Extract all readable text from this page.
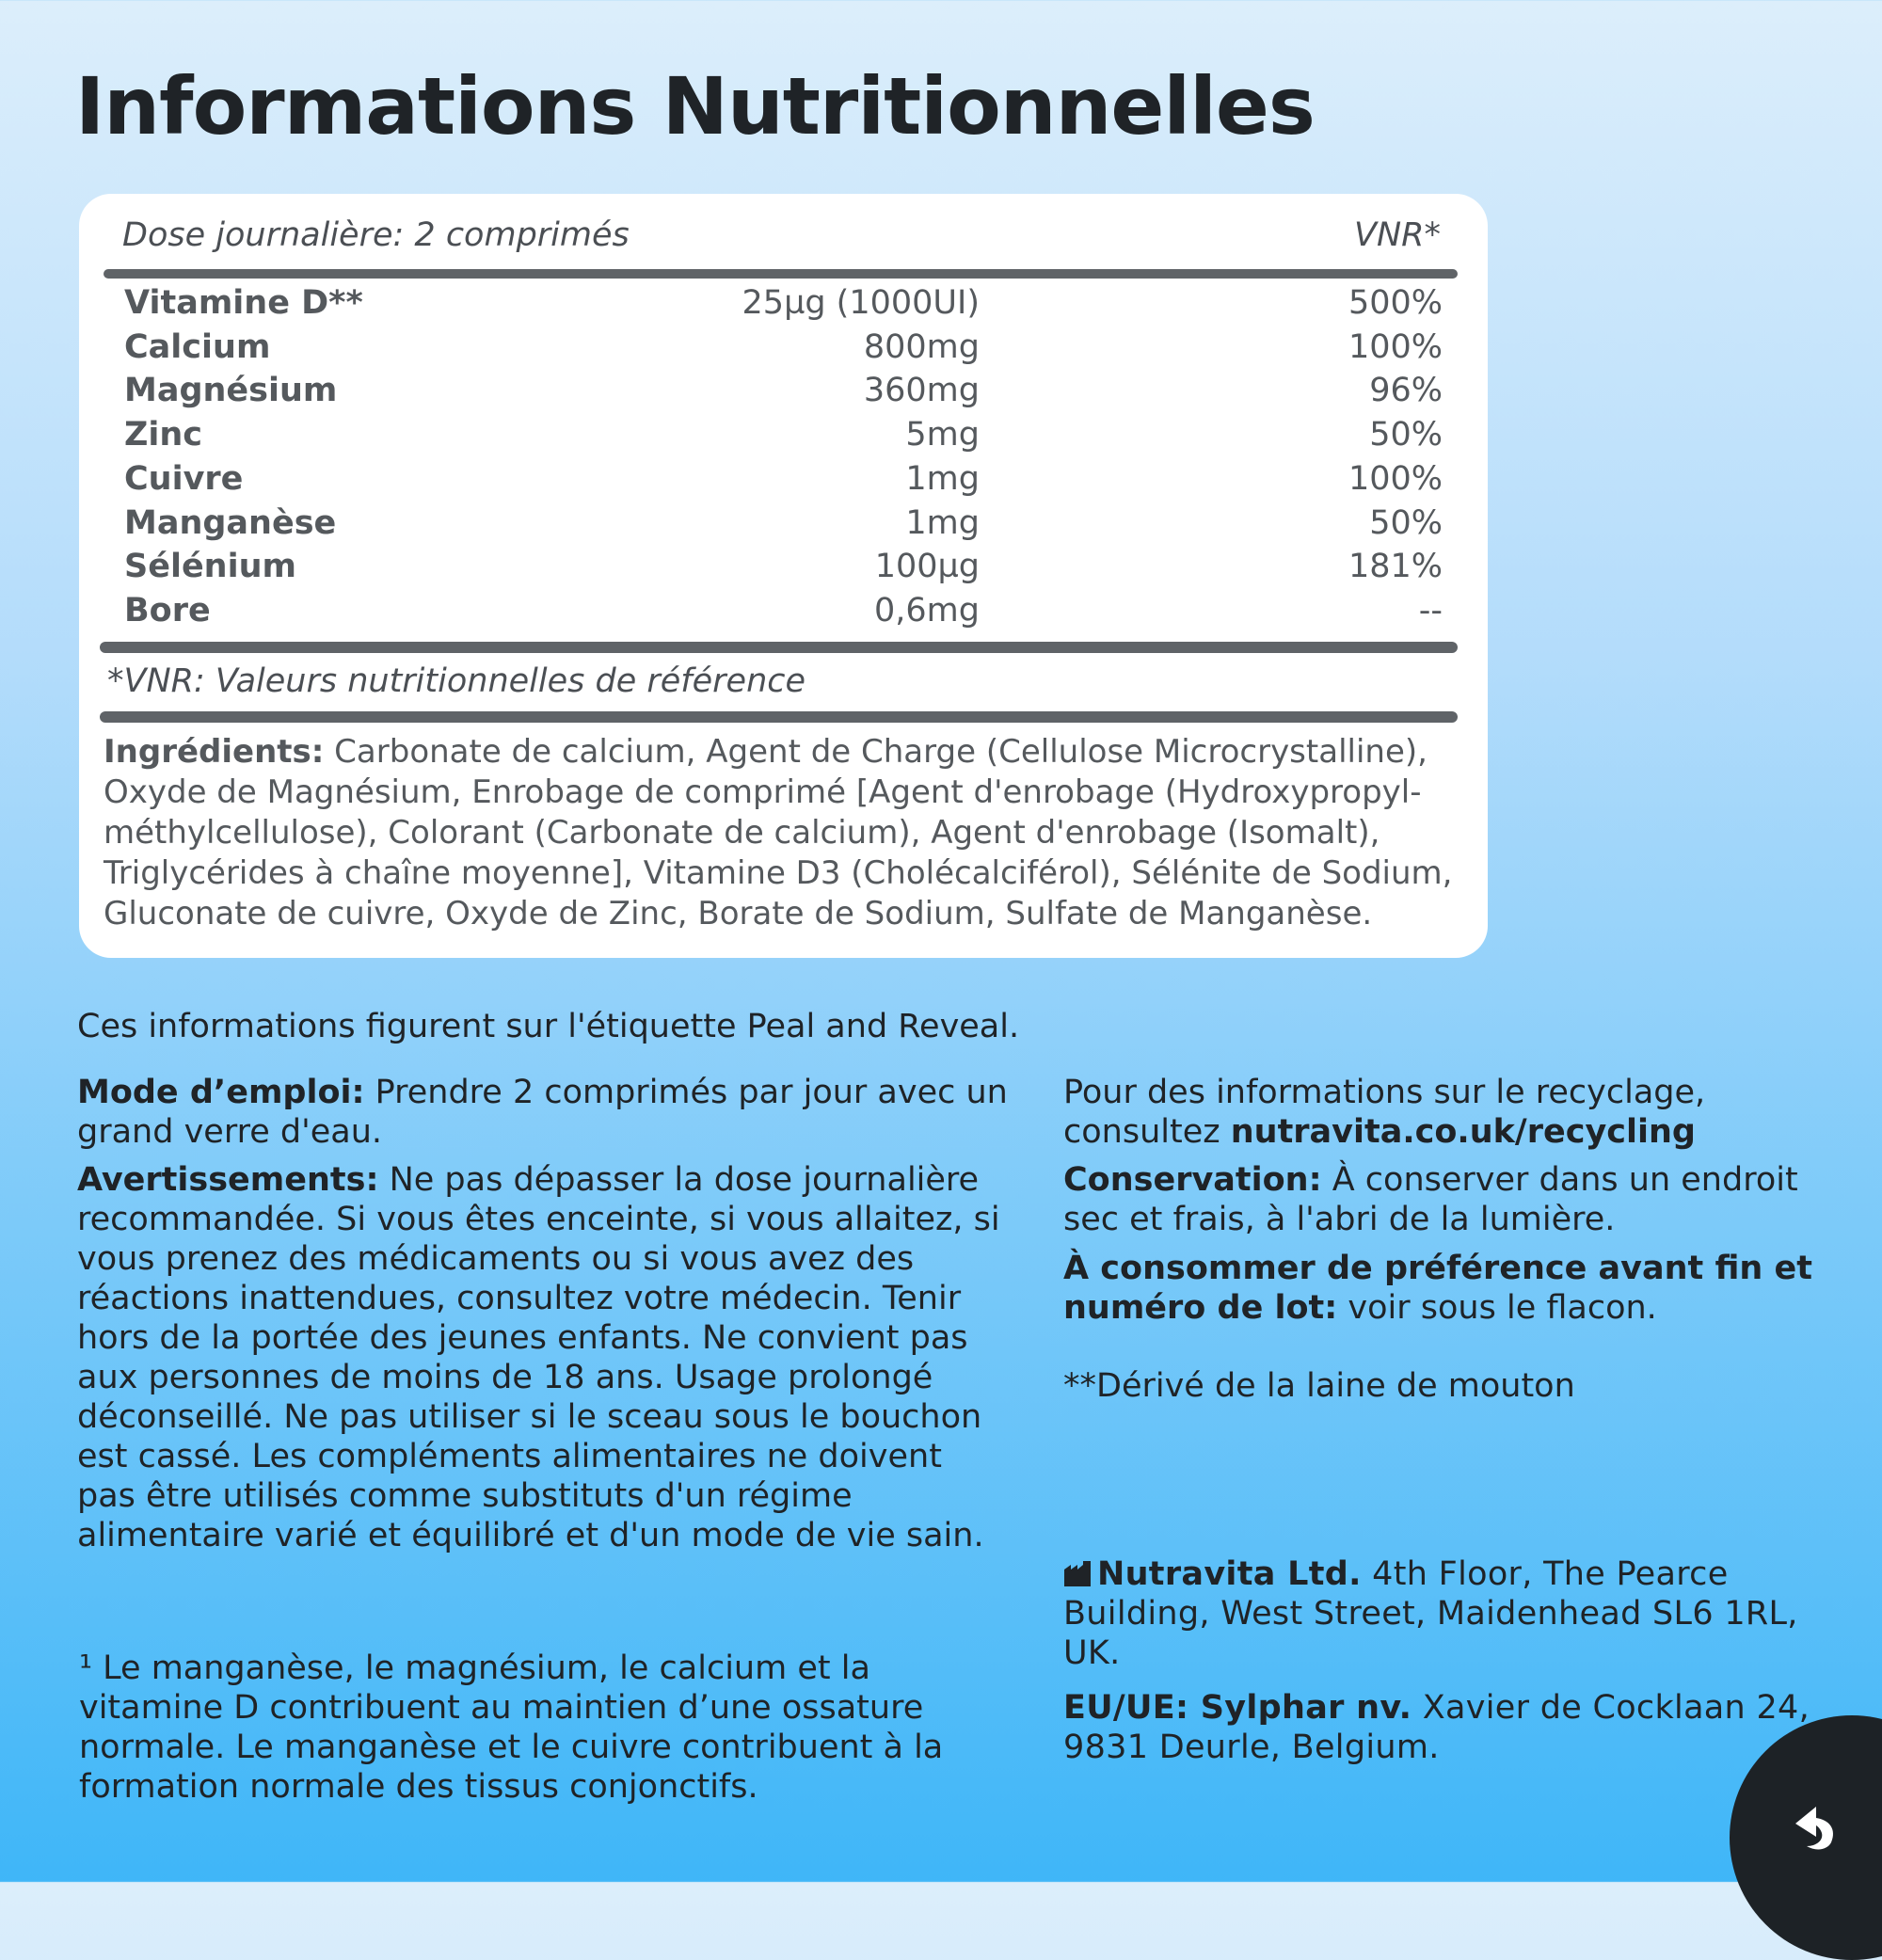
Informations Nutritionnelles
Dose journalière: 2 comprimés	VNR*
Vitamine D**	25µg (1000UI)	500%
Calcium	800mg	100%
Magnésium	360mg	96%
Zinc	5mg	50%
Cuivre	1mg	100%
Manganèse	1mg	50%
Sélénium	100µg	181%
Bore	0,6mg	--
*VNR: Valeurs nutritionnelles de référence

Ingrédients: Carbonate de calcium, Agent de Charge (Cellulose Microcrystalline), Oxyde de Magnésium, Enrobage de comprimé [Agent d'enrobage (Hydroxypropyl-méthylcellulose), Colorant (Carbonate de calcium), Agent d'enrobage (Isomalt), Triglycérides à chaîne moyenne], Vitamine D3 (Cholécalciférol), Sélénite de Sodium, Gluconate de cuivre, Oxyde de Zinc, Borate de Sodium, Sulfate de Manganèse.

Ces informations figurent sur l'étiquette Peal and Reveal.

Mode d’emploi: Prendre 2 comprimés par jour avec un grand verre d'eau.

Avertissements: Ne pas dépasser la dose journalière recommandée. Si vous êtes enceinte, si vous allaitez, si vous prenez des médicaments ou si vous avez des réactions inattendues, consultez votre médecin. Tenir hors de la portée des jeunes enfants. Ne convient pas aux personnes de moins de 18 ans. Usage prolongé déconseillé. Ne pas utiliser si le sceau sous le bouchon est cassé. Les compléments alimentaires ne doivent pas être utilisés comme substituts d'un régime alimentaire varié et équilibré et d'un mode de vie sain.

¹ Le manganèse, le magnésium, le calcium et la vitamine D contribuent au maintien d’une ossature normale. Le manganèse et le cuivre contribuent à la formation normale des tissus conjonctifs.

Pour des informations sur le recyclage, consultez nutravita.co.uk/recycling

Conservation: À conserver dans un endroit sec et frais, à l'abri de la lumière.

À consommer de préférence avant fin et numéro de lot: voir sous le flacon.

**Dérivé de la laine de mouton

Nutravita Ltd. 4th Floor, The Pearce Building, West Street, Maidenhead SL6 1RL, UK.

EU/UE: Sylphar nv. Xavier de Cocklaan 24, 9831 Deurle, Belgium.
